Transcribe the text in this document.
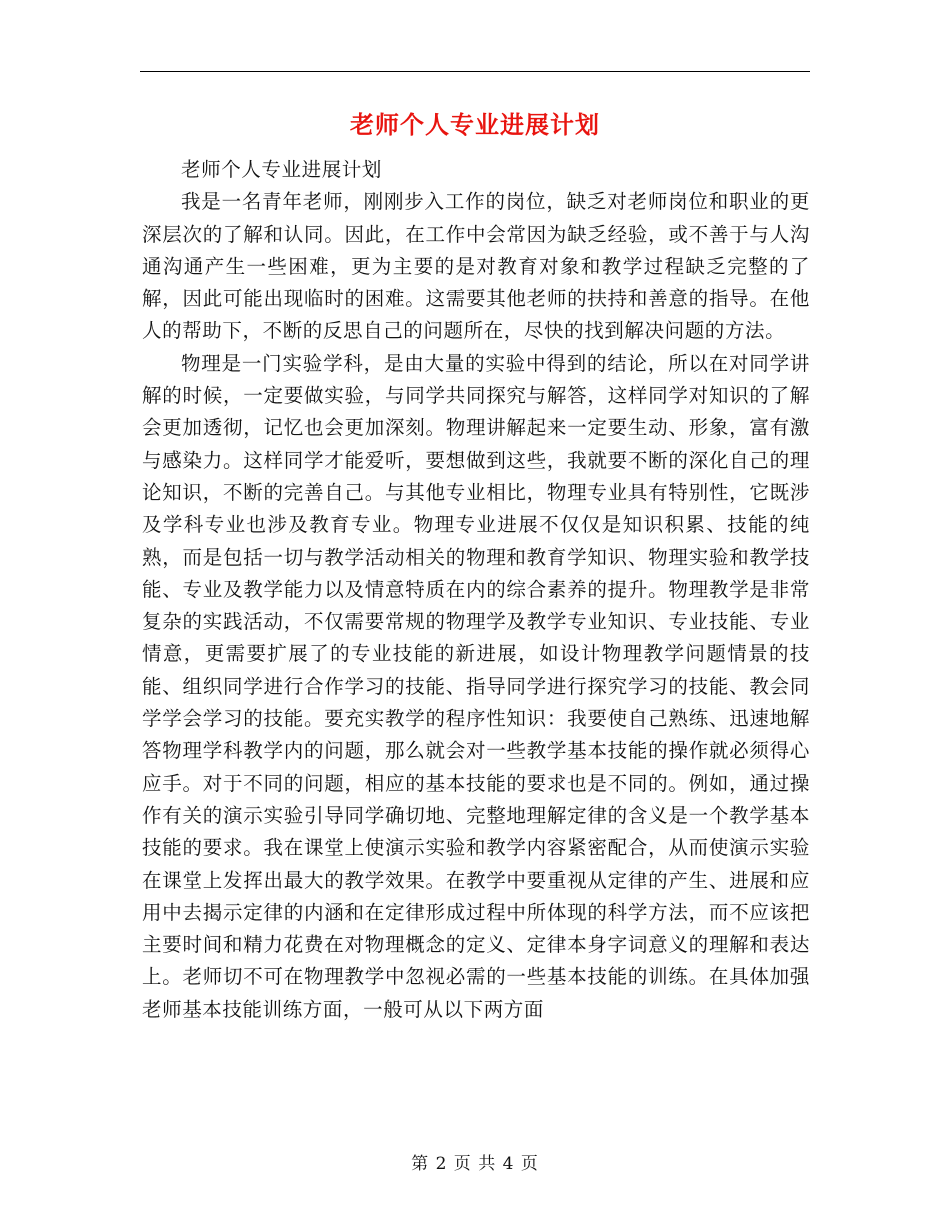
老师个人专业进展计划
老师个人专业进展计划

我是一名青年老师，刚刚步入工作的岗位，缺乏对老师岗位和职业的更深层次的了解和认同。因此，在工作中会常因为缺乏经验，或不善于与人沟通沟通产生一些困难，更为主要的是对教育对象和教学过程缺乏完整的了解，因此可能出现临时的困难。这需要其他老师的扶持和善意的指导。在他人的帮助下，不断的反思自己的问题所在，尽快的找到解决问题的方法。

物理是一门实验学科，是由大量的实验中得到的结论，所以在对同学讲解的时候，一定要做实验，与同学共同探究与解答，这样同学对知识的了解会更加透彻，记忆也会更加深刻。物理讲解起来一定要生动、形象，富有激与感染力。这样同学才能爱听，要想做到这些，我就要不断的深化自己的理论知识，不断的完善自己。与其他专业相比，物理专业具有特别性，它既涉及学科专业也涉及教育专业。物理专业进展不仅仅是知识积累、技能的纯熟，而是包括一切与教学活动相关的物理和教育学知识、物理实验和教学技能、专业及教学能力以及情意特质在内的综合素养的提升。物理教学是非常复杂的实践活动，不仅需要常规的物理学及教学专业知识、专业技能、专业情意，更需要扩展了的专业技能的新进展，如设计物理教学问题情景的技能、组织同学进行合作学习的技能、指导同学进行探究学习的技能、教会同学学会学习的技能。要充实教学的程序性知识：我要使自己熟练、迅速地解答物理学科教学内的问题，那么就会对一些教学基本技能的操作就必须得心应手。对于不同的问题，相应的基本技能的要求也是不同的。例如，通过操作有关的演示实验引导同学确切地、完整地理解定律的含义是一个教学基本技能的要求。我在课堂上使演示实验和教学内容紧密配合，从而使演示实验在课堂上发挥出最大的教学效果。在教学中要重视从定律的产生、进展和应用中去揭示定律的内涵和在定律形成过程中所体现的科学方法，而不应该把主要时间和精力花费在对物理概念的定义、定律本身字词意义的理解和表达上。老师切不可在物理教学中忽视必需的一些基本技能的训练。在具体加强老师基本技能训练方面，一般可从以下两方面

第 2 页 共 4 页
